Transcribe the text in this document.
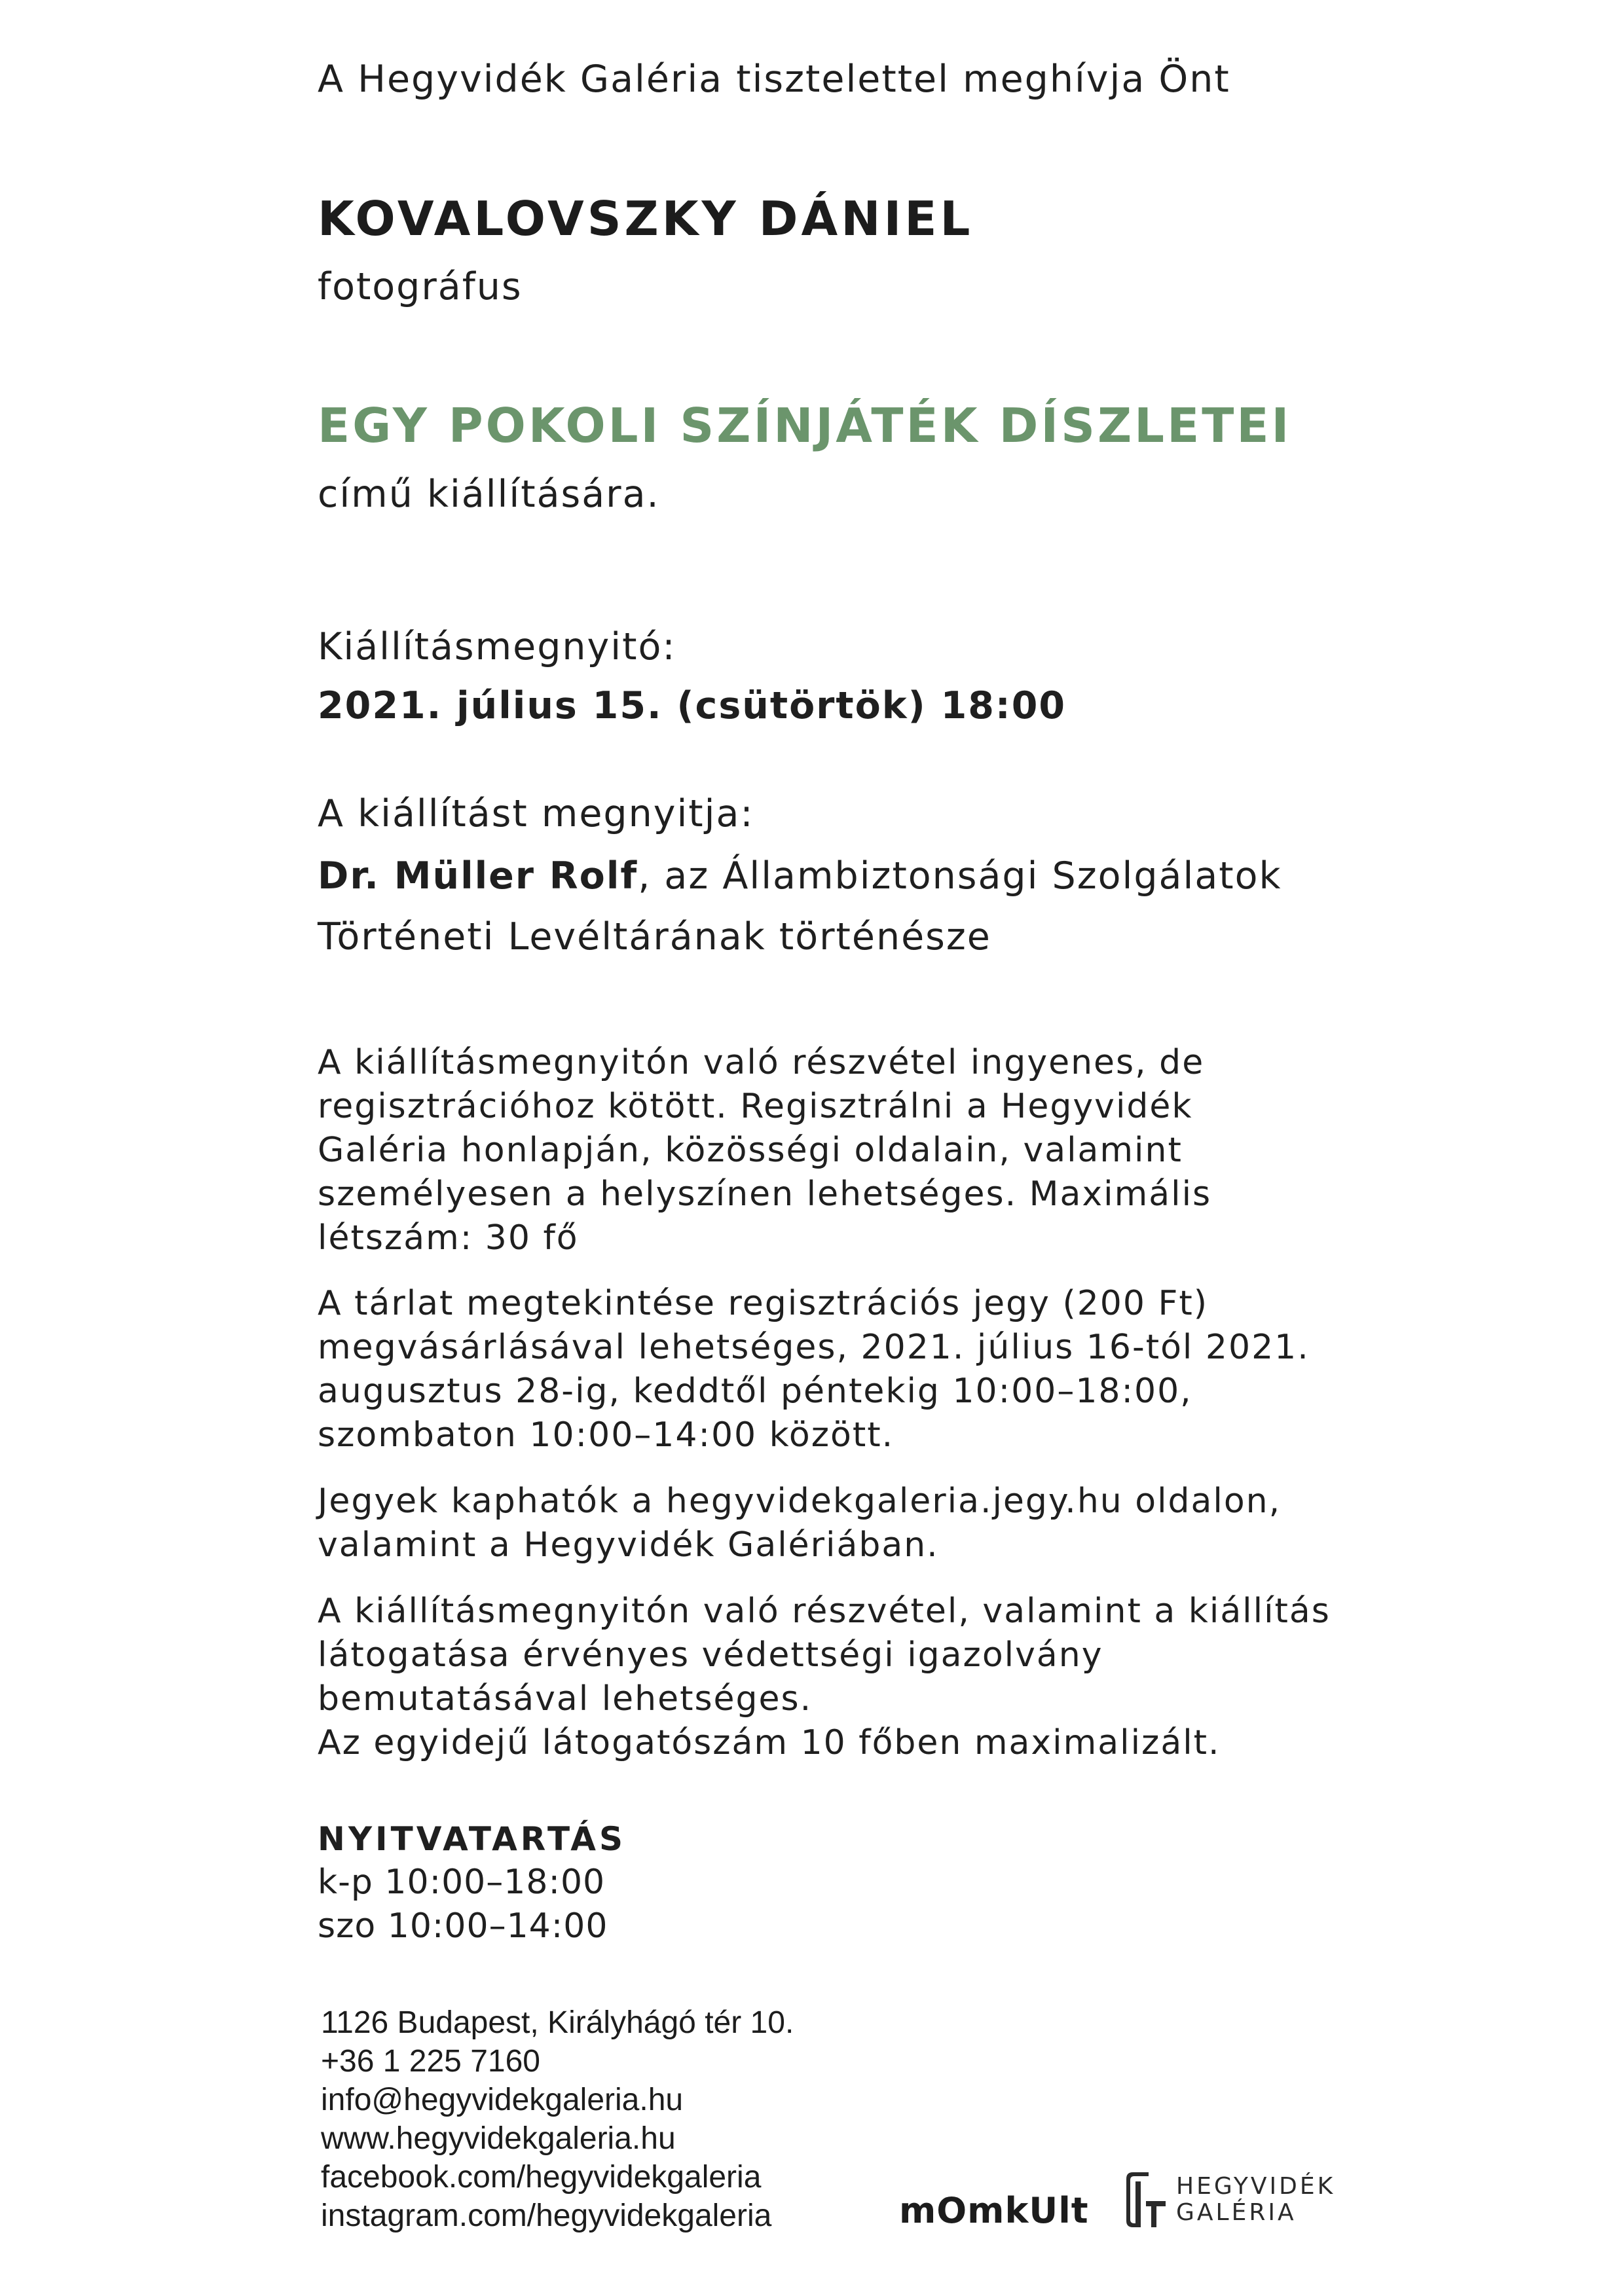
A Hegyvidék Galéria tisztelettel meghívja Önt
KOVALOVSZKY DÁNIEL
fotográfus
EGY POKOLI SZÍNJÁTÉK DÍSZLETEI
című kiállítására.
Kiállításmegnyitó:
2021. július 15. (csütörtök) 18:00
A kiállítást megnyitja:
Dr. Müller Rolf, az Állambiztonsági Szolgálatok
Történeti Levéltárának történésze
A kiállításmegnyitón való részvétel ingyenes, de
regisztrációhoz kötött. Regisztrálni a Hegyvidék
Galéria honlapján, közösségi oldalain, valamint
személyesen a helyszínen lehetséges. Maximális
létszám: 30 fő
A tárlat megtekintése regisztrációs jegy (200 Ft)
megvásárlásával lehetséges, 2021. július 16-tól 2021.
augusztus 28-ig, keddtől péntekig 10:00–18:00,
szombaton 10:00–14:00 között.
Jegyek kaphatók a hegyvidekgaleria.jegy.hu oldalon,
valamint a Hegyvidék Galériában.
A kiállításmegnyitón való részvétel, valamint a kiállítás
látogatása érvényes védettségi igazolvány
bemutatásával lehetséges.
Az egyidejű látogatószám 10 főben maximalizált.
NYITVATARTÁS
k-p 10:00–18:00
szo 10:00–14:00
1126 Budapest, Királyhágó tér 10.
+36 1 225 7160
info@hegyvidekgaleria.hu
www.hegyvidekgaleria.hu
facebook.com/hegyvidekgaleria
instagram.com/hegyvidekgaleria	mOmkUlt
HEGYVIDÉK
GALÉRIA
